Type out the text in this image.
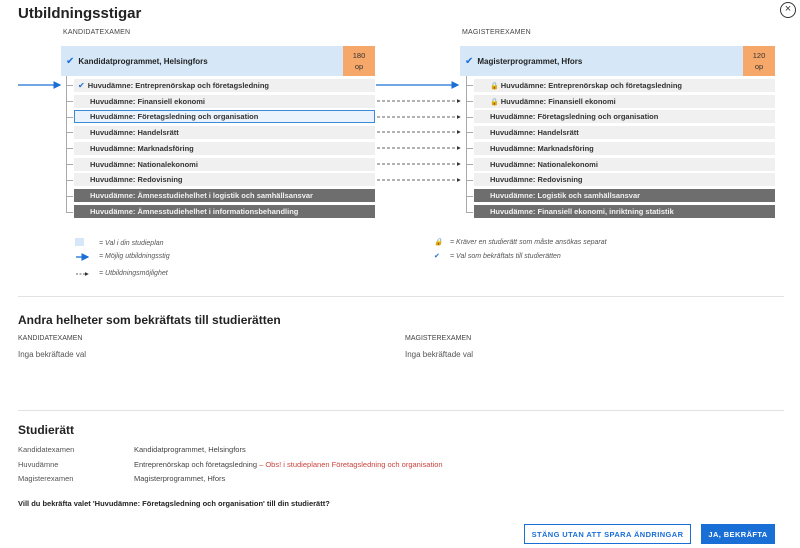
Utbildningsstigar	×
KANDIDATEXAMEN
✔ Kandidatprogrammet, Helsingfors
180
op
✔ Huvudämne: Entreprenörskap och företagsledning
Huvudämne: Finansiell ekonomi
Huvudämne: Företagsledning och organisation
Huvudämne: Handelsrätt
Huvudämne: Marknadsföring
Huvudämne: Nationalekonomi
Huvudämne: Redovisning
Huvudämne: Ämnesstudiehelhet i logistik och samhällsansvar
Huvudämne: Ämnesstudiehelhet i informationsbehandling
MAGISTEREXAMEN
✔ Magisterprogrammet, Hfors
120
op
🔒 Huvudämne: Entreprenörskap och företagsledning
🔒 Huvudämne: Finansiell ekonomi
Huvudämne: Företagsledning och organisation
Huvudämne: Handelsrätt
Huvudämne: Marknadsföring
Huvudämne: Nationalekonomi
Huvudämne: Redovisning
Huvudämne: Logistik och samhällsansvar
Huvudämne: Finansiell ekonomi, inriktning statistik
= Val i din studieplan
= Möjlig utbildningsstig
= Utbildningsmöjlighet
🔒	= Kräver en studierätt som måste ansökas separat
✔	= Val som bekräftats till studierätten
Andra helheter som bekräftats till studierätten
KANDIDATEXAMEN
Inga bekräftade val
MAGISTEREXAMEN
Inga bekräftade val
Studierätt
Kandidatexamen	Kandidatprogrammet, Helsingfors
Huvudämne	Entreprenörskap och företagsledning – Obs! i studieplanen Företagsledning och organisation
Magisterexamen	Magisterprogrammet, Hfors
Vill du bekräfta valet 'Huvudämne: Företagsledning och organisation' till din studierätt?
STÄNG UTAN ATT SPARA ÄNDRINGAR	JA, BEKRÄFTA
